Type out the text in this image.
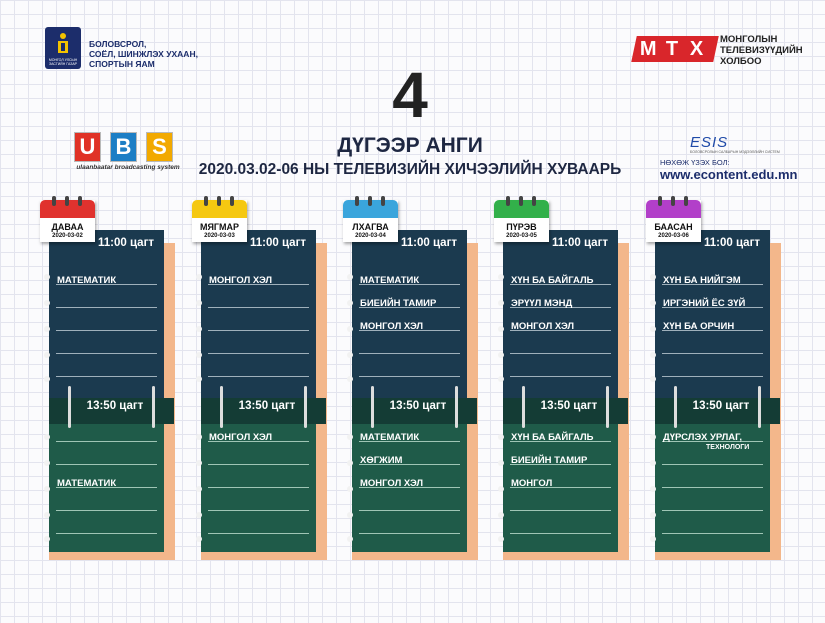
МОНГОЛ УЛСЫН ЗАСГИЙН ГАЗАР
БОЛОВСРОЛ,
СОЁЛ, ШИНЖЛЭХ УХААН,
СПОРТЫН ЯАМ
М Т Х МОНГОЛЫН
ТЕЛЕВИЗҮҮДИЙН
ХОЛБОО
4
ДҮГЭЭР АНГИ
2020.03.02-06 НЫ ТЕЛЕВИЗИЙН ХИЧЭЭЛИЙН ХУВААРЬ
U B S
ulaanbaatar broadcasting system
ESIS
БОЛОВСРОЛЫН САЛБАРЫН МЭДЭЭЛЛИЙН СИСТЕМ
НӨХӨЖ ҮЗЭХ БОЛ:
www.econtent.edu.mn
ДАВАА
2020-03-02
11:00 цагт
13:50 цагт
МАТЕМАТИК
МАТЕМАТИК
МЯГМАР
2020-03-03
11:00 цагт
13:50 цагт
МОНГОЛ ХЭЛ
МОНГОЛ ХЭЛ
ЛХАГВА
2020-03-04
11:00 цагт
13:50 цагт
МАТЕМАТИК
БИЕИЙН ТАМИР
МОНГОЛ ХЭЛ
МАТЕМАТИК
ХӨГЖИМ
МОНГОЛ ХЭЛ
ПҮРЭВ
2020-03-05
11:00 цагт
13:50 цагт
ХҮН БА БАЙГАЛЬ
ЭРҮҮЛ МЭНД
МОНГОЛ ХЭЛ
ХҮН БА БАЙГАЛЬ
БИЕИЙН ТАМИР
МОНГОЛ
БААСАН
2020-03-06
11:00 цагт
13:50 цагт
ХҮН БА НИЙГЭМ
ИРГЭНИЙ ЁС ЗҮЙ
ХҮН БА ОРЧИН
ДҮРСЛЭХ УРЛАГ,
ТЕХНОЛОГИ
